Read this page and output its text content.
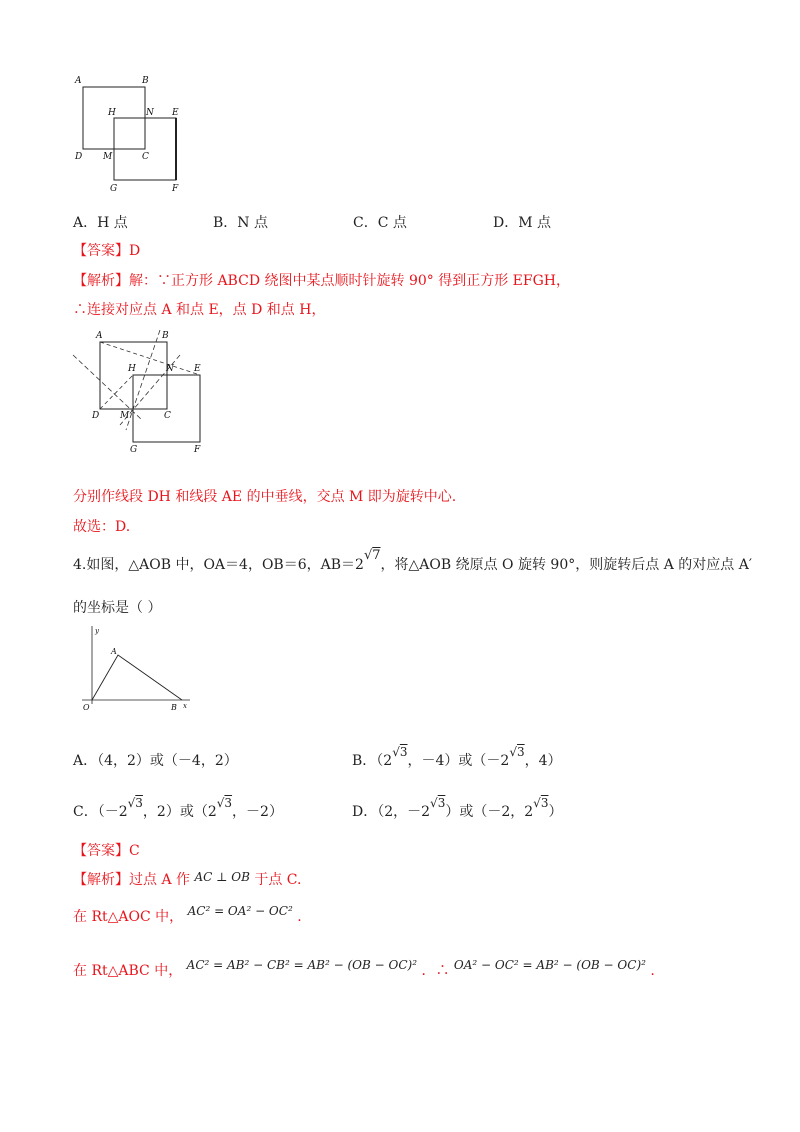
A	B
H	N E
D M	C
G	F
A．H 点	B．N 点	C．C 点	D．M 点
【答案】D
【解析】解：∵正方形 ABCD 绕图中某点顺时针旋转 90° 得到正方形 EFGH，
∴连接对应点 A 和点 E，点 D 和点 H，
A	B
H	N E
D M	C
G	F
分别作线段 DH 和线段 AE 的中垂线，交点 M 即为旋转中心.
故选：D.
4.如图，△AOB 中，OA＝4，OB＝6，AB＝2√7，将△AOB 绕原点 O 旋转 90°，则旋转后点 A 的对应点 A′
的坐标是（ ）
y
A
O	B x
A．（4，2）或（－4，2）	B．（2√3，－4）或（－2√3，4）
C．（－2√3，2）或（2√3，－2）	D．（2，－2√3）或（－2，2√3）
【答案】C
【解析】过点 A 作 AC ⊥ OB 于点 C.
在 Rt△AOC 中， AC² = OA² − OC² .
在 Rt△ABC 中， AC² = AB² − CB² = AB² − (OB − OC)² ．∴ OA² − OC² = AB² − (OB − OC)² .
